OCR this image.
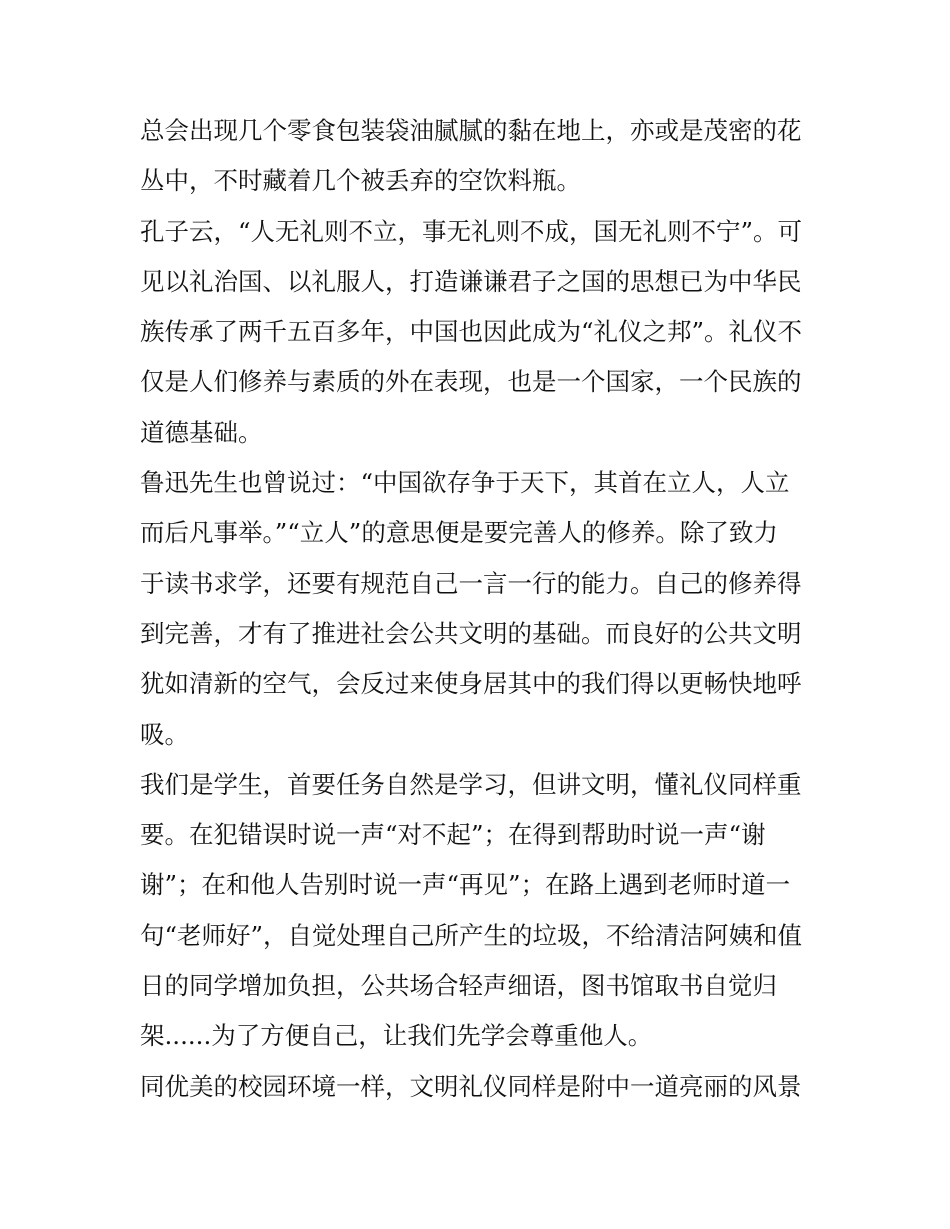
总会出现几个零食包装袋油腻腻的黏在地上，亦或是茂密的花
丛中，不时藏着几个被丢弃的空饮料瓶。
孔子云，“人无礼则不立，事无礼则不成，国无礼则不宁”。可
见以礼治国、以礼服人，打造谦谦君子之国的思想已为中华民
族传承了两千五百多年，中国也因此成为“礼仪之邦”。礼仪不
仅是人们修养与素质的外在表现，也是一个国家，一个民族的
道德基础。
鲁迅先生也曾说过：“中国欲存争于天下，其首在立人，人立
而后凡事举。”“立人”的意思便是要完善人的修养。除了致力
于读书求学，还要有规范自己一言一行的能力。自己的修养得
到完善，才有了推进社会公共文明的基础。而良好的公共文明
犹如清新的空气，会反过来使身居其中的我们得以更畅快地呼
吸。
我们是学生，首要任务自然是学习，但讲文明，懂礼仪同样重
要。在犯错误时说一声“对不起”；在得到帮助时说一声“谢
谢”；在和他人告别时说一声“再见”；在路上遇到老师时道一
句“老师好”，自觉处理自己所产生的垃圾，不给清洁阿姨和值
日的同学增加负担，公共场合轻声细语，图书馆取书自觉归
架......为了方便自己，让我们先学会尊重他人。
同优美的校园环境一样，文明礼仪同样是附中一道亮丽的风景
